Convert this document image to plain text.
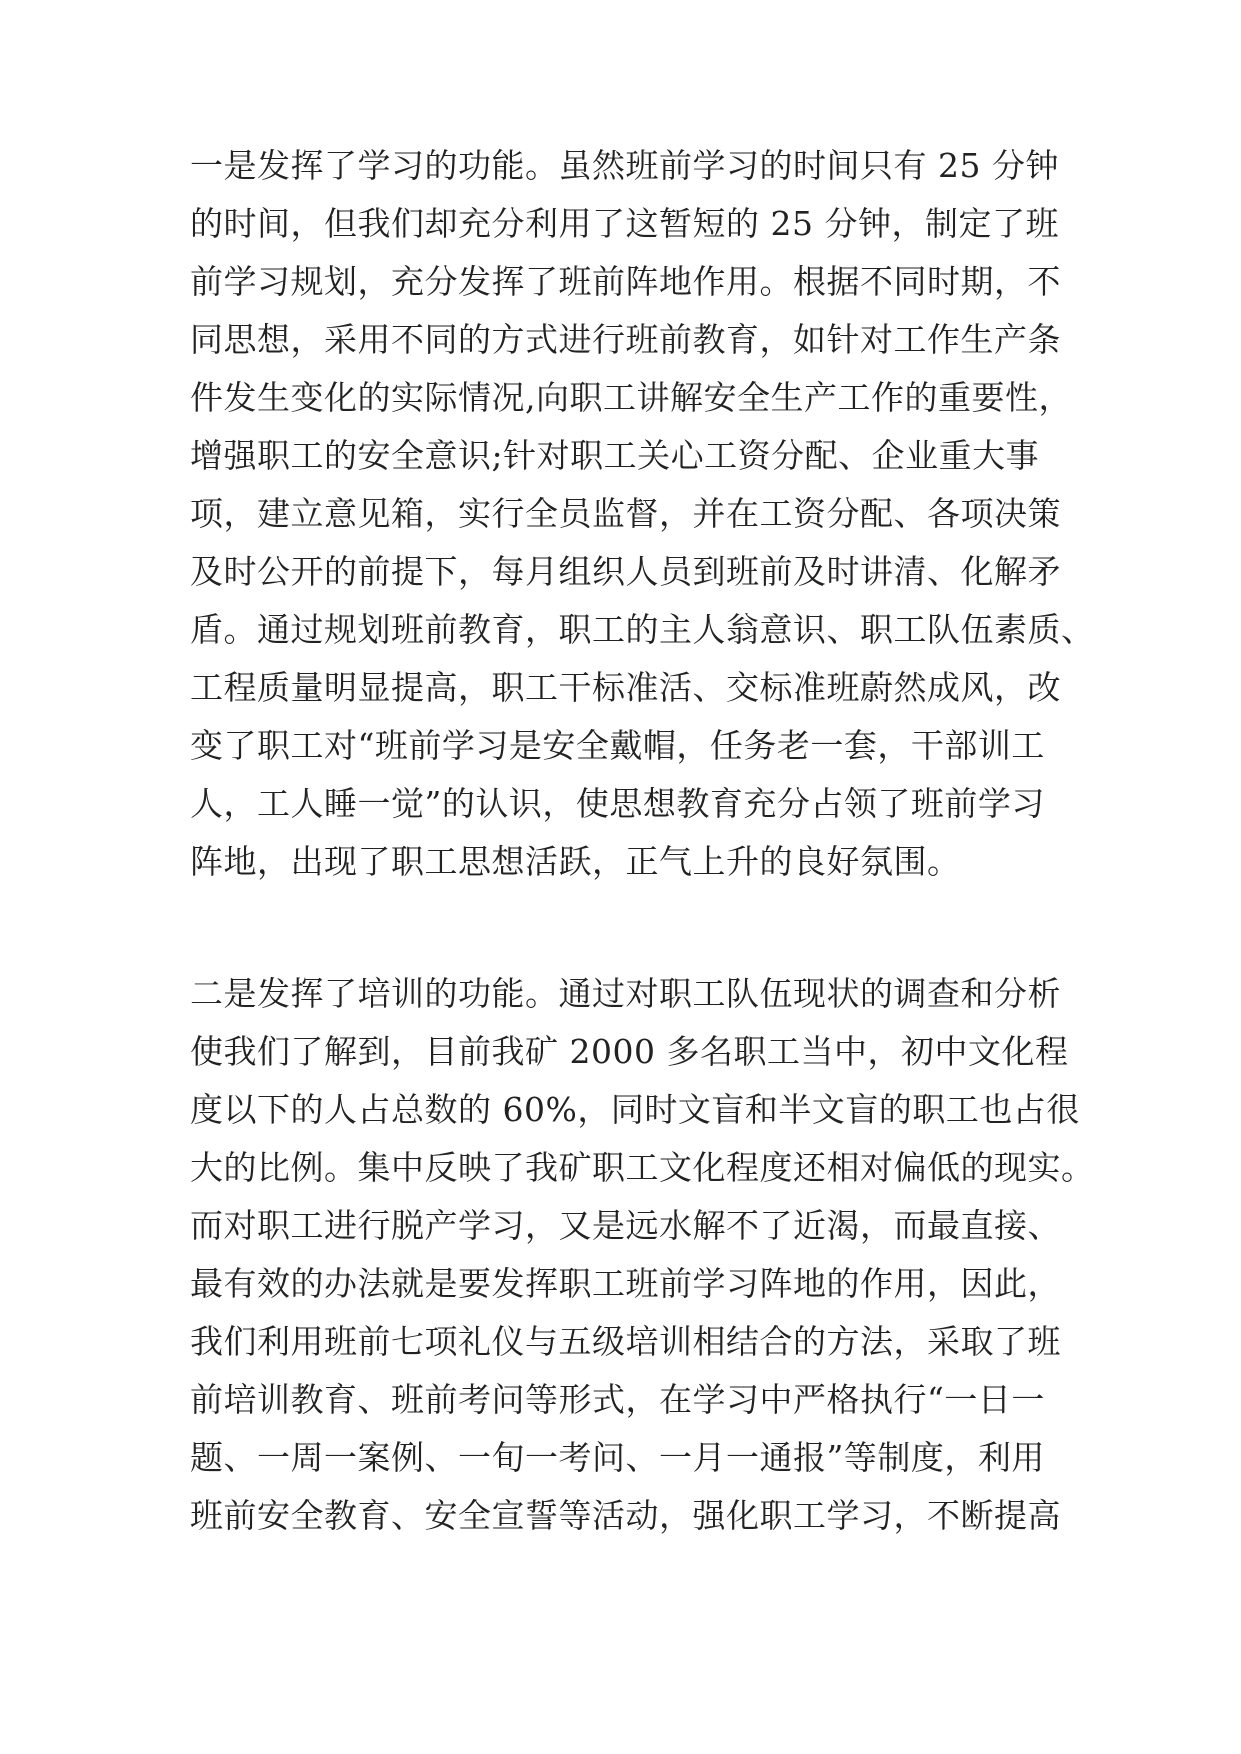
一是发挥了学习的功能。虽然班前学习的时间只有 25 分钟
的时间，但我们却充分利用了这暂短的 25 分钟，制定了班
前学习规划，充分发挥了班前阵地作用。根据不同时期，不
同思想，采用不同的方式进行班前教育，如针对工作生产条
件发生变化的实际情况,向职工讲解安全生产工作的重要性，
增强职工的安全意识;针对职工关心工资分配、企业重大事
项，建立意见箱，实行全员监督，并在工资分配、各项决策
及时公开的前提下，每月组织人员到班前及时讲清、化解矛
盾。通过规划班前教育，职工的主人翁意识、职工队伍素质、
工程质量明显提高，职工干标准活、交标准班蔚然成风，改
变了职工对“班前学习是安全戴帽，任务老一套，干部训工
人，工人睡一觉”的认识，使思想教育充分占领了班前学习
阵地，出现了职工思想活跃，正气上升的良好氛围。
二是发挥了培训的功能。通过对职工队伍现状的调查和分析
使我们了解到，目前我矿 2000 多名职工当中，初中文化程
度以下的人占总数的 60%，同时文盲和半文盲的职工也占很
大的比例。集中反映了我矿职工文化程度还相对偏低的现实。
而对职工进行脱产学习，又是远水解不了近渴，而最直接、
最有效的办法就是要发挥职工班前学习阵地的作用，因此，
我们利用班前七项礼仪与五级培训相结合的方法，采取了班
前培训教育、班前考问等形式，在学习中严格执行“一日一
题、一周一案例、一旬一考问、一月一通报”等制度，利用
班前安全教育、安全宣誓等活动，强化职工学习，不断提高
